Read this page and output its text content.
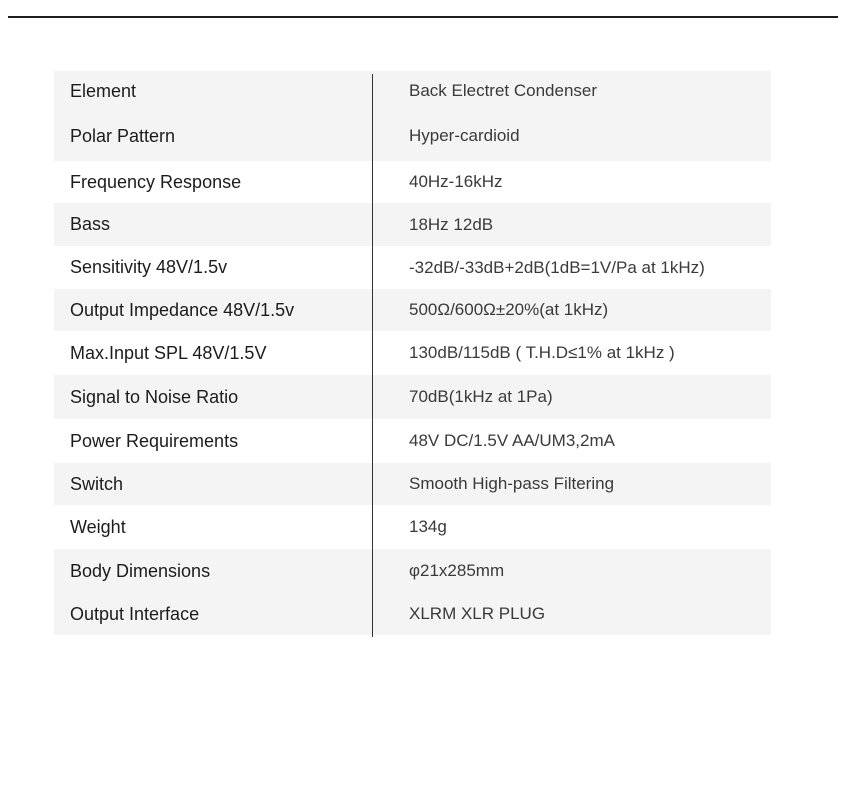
Element	Back Electret Condenser
Polar Pattern	Hyper-cardioid
Frequency Response	40Hz-16kHz
Bass	18Hz 12dB
Sensitivity 48V/1.5v	-32dB/-33dB+2dB(1dB=1V/Pa at 1kHz)
Output Impedance 48V/1.5v	500Ω/600Ω±20%(at 1kHz)
Max.Input SPL 48V/1.5V	130dB/115dB ( T.H.D≤1% at 1kHz )
Signal to Noise Ratio	70dB(1kHz at 1Pa)
Power Requirements	48V DC/1.5V AA/UM3,2mA
Switch	Smooth High-pass Filtering
Weight	134g
Body Dimensions	φ21x285mm
Output Interface	XLRM XLR PLUG
